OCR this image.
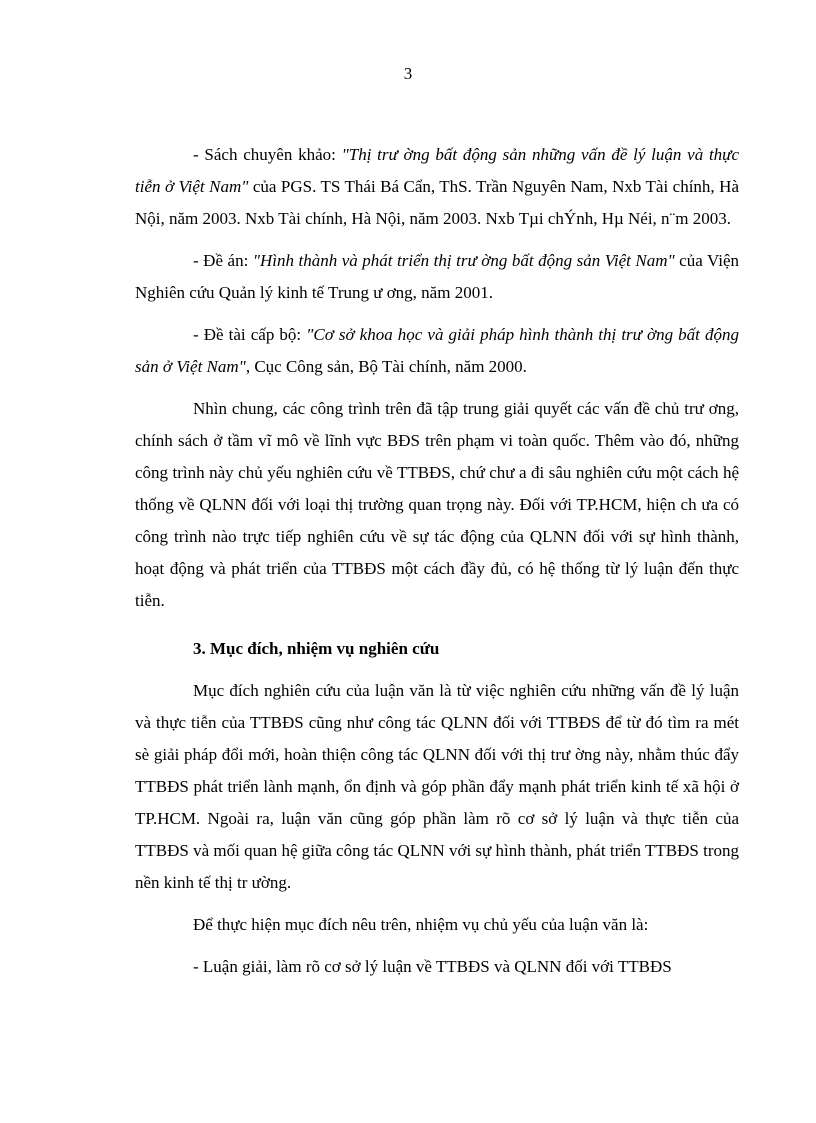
3

- Sách chuyên khảo: "Thị trư ờng bất động sản những vấn đề lý luận và thực tiễn ở Việt Nam" của PGS. TS Thái Bá Cẩn, ThS. Trần Nguyên Nam, Nxb Tài chính, Hà Nội, năm 2003. Nxb Tài chính, Hà Nội, năm 2003. Nxb Tµi chÝnh, Hµ Néi, n¨m 2003.

- Đề án: "Hình thành và phát triển thị trư ờng bất động sản Việt Nam" của Viện Nghiên cứu Quản lý kinh tế Trung ư ơng, năm 2001.

- Đề tài cấp bộ: "Cơ sở khoa học và giải pháp hình thành thị trư ờng bất động sản ở Việt Nam", Cục Công sản, Bộ Tài chính, năm 2000.

Nhìn chung, các công trình trên đã tập trung giải quyết các vấn đề chủ trư ơng, chính sách ở tầm vĩ mô về lĩnh vực BĐS trên phạm vi toàn quốc. Thêm vào đó, những công trình này chủ yếu nghiên cứu về TTBĐS, chứ chư a đi sâu nghiên cứu một cách hệ thống về QLNN đối với loại thị trường quan trọng này. Đối với TP.HCM, hiện ch ưa có công trình nào trực tiếp nghiên cứu về sự tác động của QLNN đối với sự hình thành, hoạt động và phát triển của TTBĐS một cách đầy đủ, có hệ thống từ lý luận đến thực tiễn.

3. Mục đích, nhiệm vụ nghiên cứu

Mục đích nghiên cứu của luận văn là từ việc nghiên cứu những vấn đề lý luận và thực tiễn của TTBĐS cũng như công tác QLNN đối với TTBĐS để từ đó tìm ra mét sè giải pháp đổi mới, hoàn thiện công tác QLNN đối với thị trư ờng này, nhằm thúc đẩy TTBĐS phát triển lành mạnh, ổn định và góp phần đẩy mạnh phát triển kinh tế xã hội ở TP.HCM. Ngoài ra, luận văn cũng góp phần làm rõ cơ sở lý luận và thực tiễn của TTBĐS và mối quan hệ giữa công tác QLNN với sự hình thành, phát triển TTBĐS trong nền kinh tế thị tr ường.

Để thực hiện mục đích nêu trên, nhiệm vụ chủ yếu của luận văn là:

- Luận giải, làm rõ cơ sở lý luận về TTBĐS và QLNN đối với TTBĐS
